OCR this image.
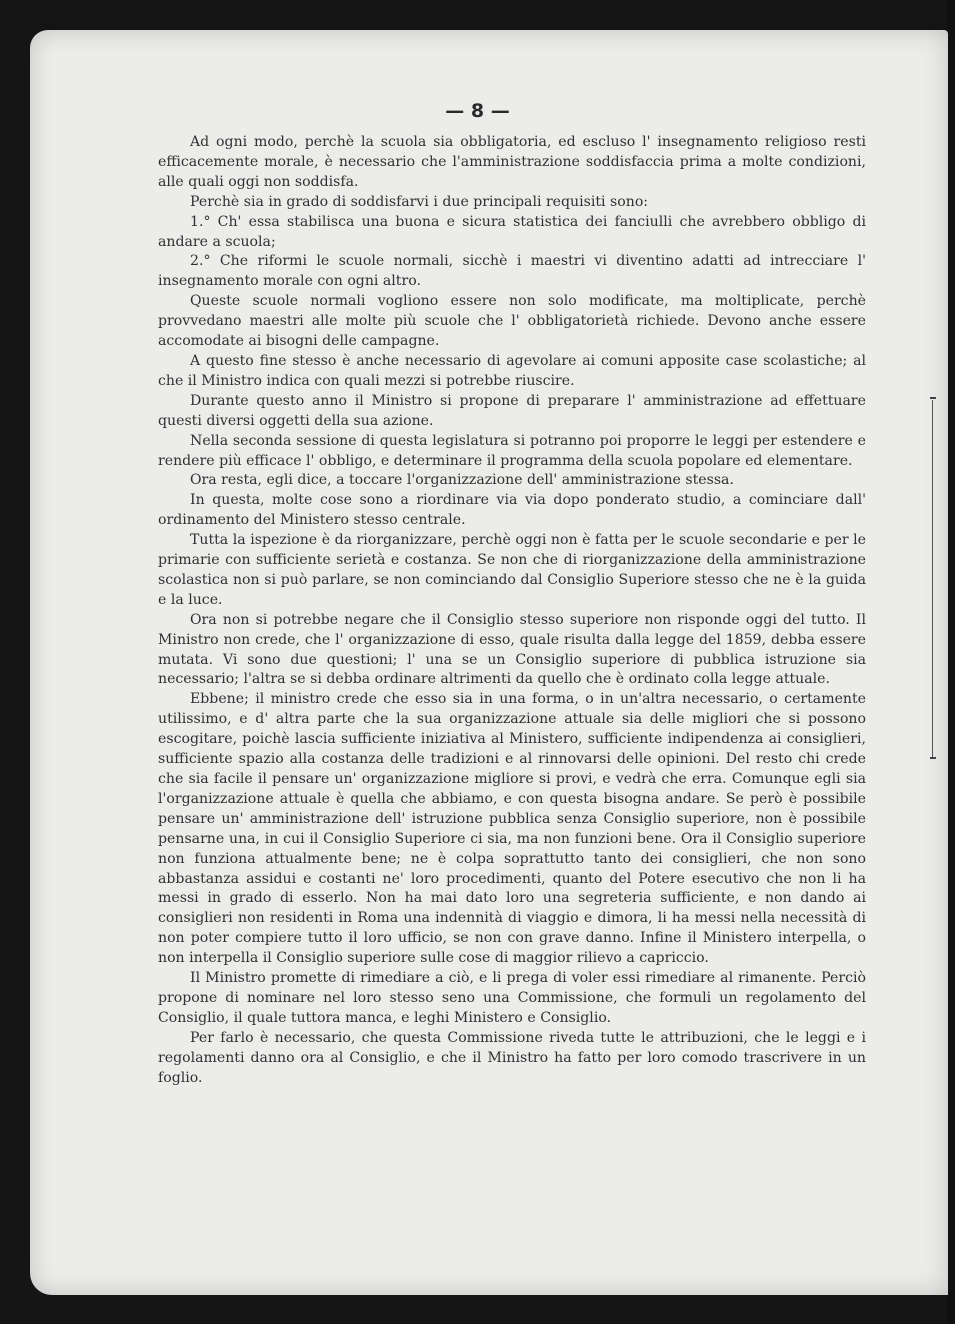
— 8 —

Ad ogni modo, perchè la scuola sia obbligatoria, ed escluso l' insegnamento religioso resti efficacemente morale, è necessario che l'amministrazione soddisfaccia prima a molte condizioni, alle quali oggi non soddisfa.

Perchè sia in grado di soddisfarvi i due principali requisiti sono:

1.° Ch' essa stabilisca una buona e sicura statistica dei fanciulli che avrebbero obbligo di andare a scuola;

2.° Che riformi le scuole normali, sicchè i maestri vi diventino adatti ad intrecciare l' insegnamento morale con ogni altro.

Queste scuole normali vogliono essere non solo modificate, ma moltiplicate, perchè provvedano maestri alle molte più scuole che l' obbligatorietà richiede. Devono anche essere accomodate ai bisogni delle campagne.

A questo fine stesso è anche necessario di agevolare ai comuni apposite case scolastiche; al che il Ministro indica con quali mezzi si potrebbe riuscire.

Durante questo anno il Ministro si propone di preparare l' amministrazione ad effettuare questi diversi oggetti della sua azione.

Nella seconda sessione di questa legislatura si potranno poi proporre le leggi per estendere e rendere più efficace l' obbligo, e determinare il programma della scuola popolare ed elementare.

Ora resta, egli dice, a toccare l'organizzazione dell' amministrazione stessa.

In questa, molte cose sono a riordinare via via dopo ponderato studio, a cominciare dall' ordinamento del Ministero stesso centrale.

Tutta la ispezione è da riorganizzare, perchè oggi non è fatta per le scuole secondarie e per le primarie con sufficiente serietà e costanza. Se non che di riorganizzazione della amministrazione scolastica non si può parlare, se non cominciando dal Consiglio Superiore stesso che ne è la guida e la luce.

Ora non si potrebbe negare che il Consiglio stesso superiore non risponde oggi del tutto. Il Ministro non crede, che l' organizzazione di esso, quale risulta dalla legge del 1859, debba essere mutata. Vi sono due questioni; l' una se un Consiglio superiore di pubblica istruzione sia necessario; l'altra se si debba ordinare altrimenti da quello che è ordinato colla legge attuale.

Ebbene; il ministro crede che esso sia in una forma, o in un'altra necessario, o certamente utilissimo, e d' altra parte che la sua organizzazione attuale sia delle migliori che si possono escogitare, poichè lascia sufficiente iniziativa al Ministero, sufficiente indipendenza ai consiglieri, sufficiente spazio alla costanza delle tradizioni e al rinnovarsi delle opinioni. Del resto chi crede che sia facile il pensare un' organizzazione migliore si provi, e vedrà che erra. Comunque egli sia l'organizzazione attuale è quella che abbiamo, e con questa bisogna andare. Se però è possibile pensare un' amministrazione dell' istruzione pubblica senza Consiglio superiore, non è possibile pensarne una, in cui il Consiglio Superiore ci sia, ma non funzioni bene. Ora il Consiglio superiore non funziona attualmente bene; ne è colpa soprattutto tanto dei consiglieri, che non sono abbastanza assidui e costanti ne' loro procedimenti, quanto del Potere esecutivo che non li ha messi in grado di esserlo. Non ha mai dato loro una segreteria sufficiente, e non dando ai consiglieri non residenti in Roma una indennità di viaggio e dimora, li ha messi nella necessità di non poter compiere tutto il loro ufficio, se non con grave danno. Infine il Ministero interpella, o non interpella il Consiglio superiore sulle cose di maggior rilievo a capriccio.

Il Ministro promette di rimediare a ciò, e li prega di voler essi rimediare al rimanente. Perciò propone di nominare nel loro stesso seno una Commissione, che formuli un regolamento del Consiglio, il quale tuttora manca, e leghi Ministero e Consiglio.

Per farlo è necessario, che questa Commissione riveda tutte le attribuzioni, che le leggi e i regolamenti danno ora al Consiglio, e che il Ministro ha fatto per loro comodo trascrivere in un foglio.
